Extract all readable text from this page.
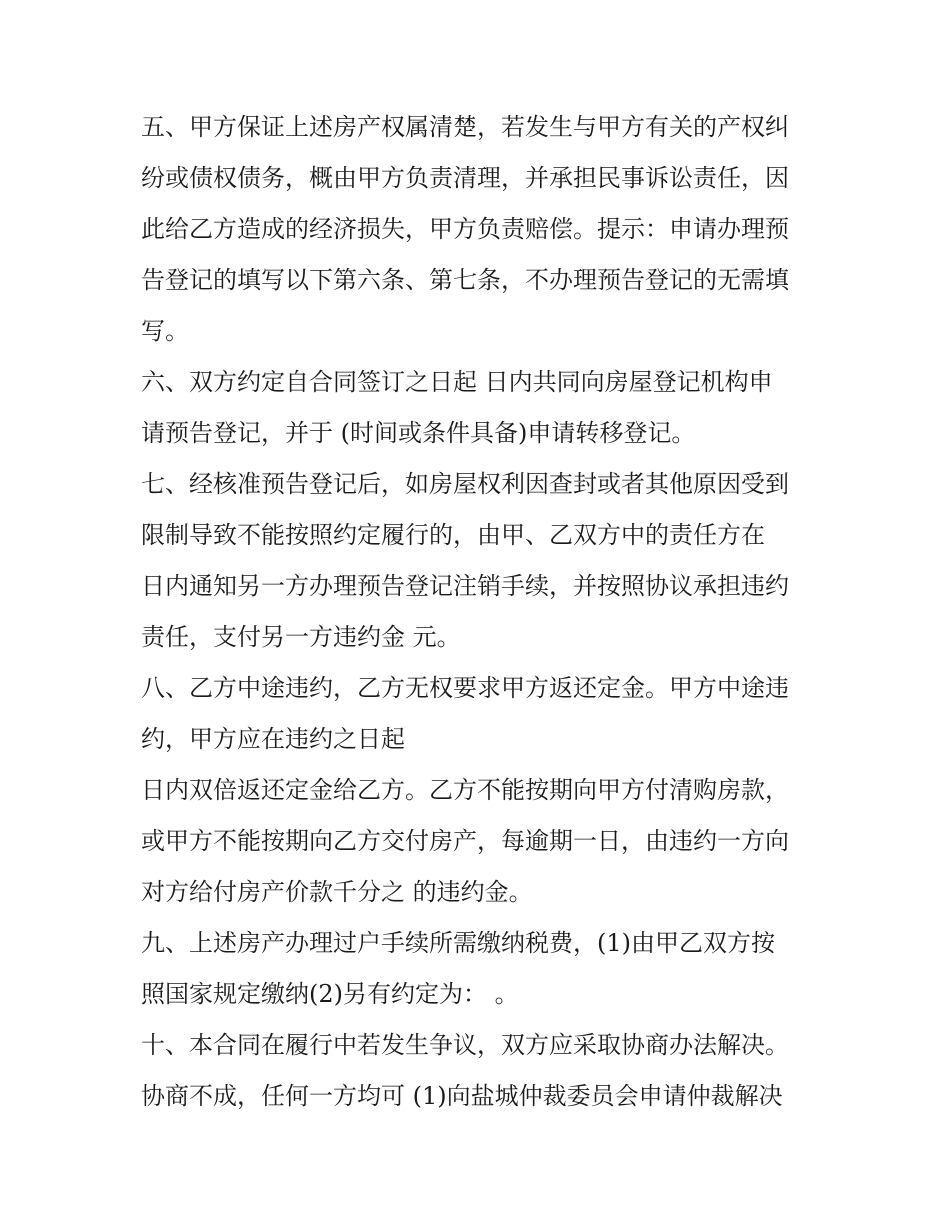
五、甲方保证上述房产权属清楚，若发生与甲方有关的产权纠
纷或债权债务，概由甲方负责清理，并承担民事诉讼责任，因
此给乙方造成的经济损失，甲方负责赔偿。提示：申请办理预
告登记的填写以下第六条、第七条，不办理预告登记的无需填
写。
六、双方约定自合同签订之日起 日内共同向房屋登记机构申
请预告登记，并于 (时间或条件具备)申请转移登记。
七、经核准预告登记后，如房屋权利因查封或者其他原因受到
限制导致不能按照约定履行的，由甲、乙双方中的责任方在
日内通知另一方办理预告登记注销手续，并按照协议承担违约
责任，支付另一方违约金 元。
八、乙方中途违约，乙方无权要求甲方返还定金。甲方中途违
约，甲方应在违约之日起
日内双倍返还定金给乙方。乙方不能按期向甲方付清购房款，
或甲方不能按期向乙方交付房产，每逾期一日，由违约一方向
对方给付房产价款千分之 的违约金。
九、上述房产办理过户手续所需缴纳税费，(1)由甲乙双方按
照国家规定缴纳(2)另有约定为： 。
十、本合同在履行中若发生争议，双方应采取协商办法解决。
协商不成，任何一方均可 (1)向盐城仲裁委员会申请仲裁解决
